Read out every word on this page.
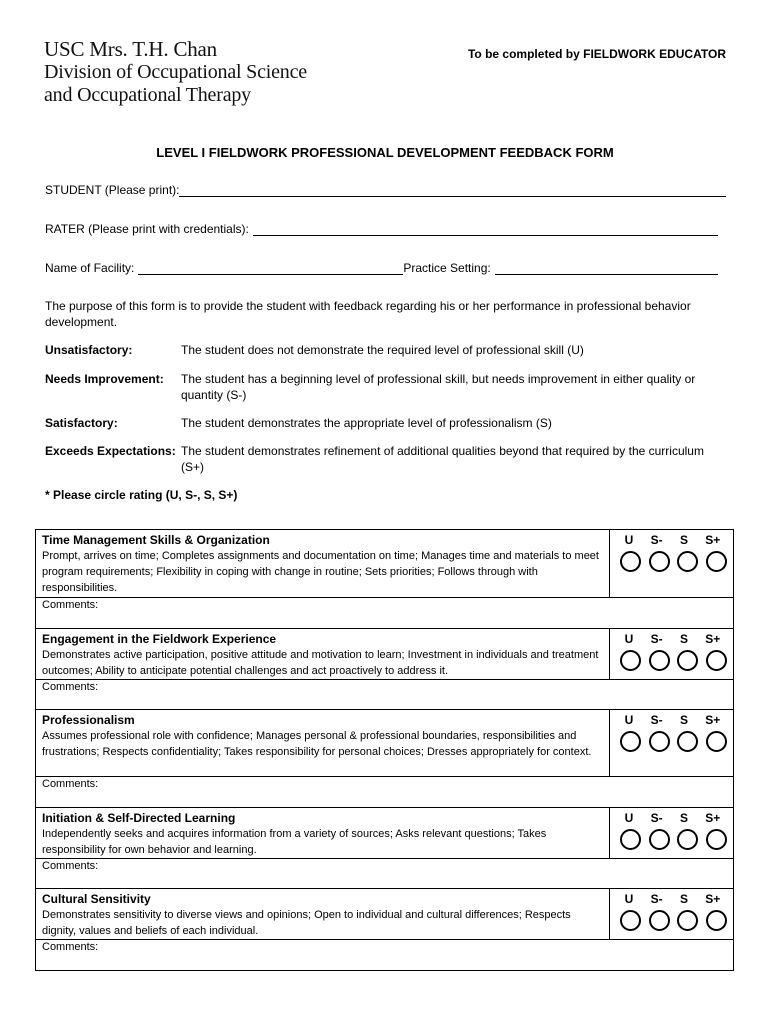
USC Mrs. T.H. Chan
Division of Occupational Science
and Occupational Therapy
To be completed by FIELDWORK EDUCATOR
LEVEL I FIELDWORK PROFESSIONAL DEVELOPMENT FEEDBACK FORM
STUDENT (Please print):
RATER (Please print with credentials):
Name of Facility:	Practice Setting:
The purpose of this form is to provide the student with feedback regarding his or her performance in professional behavior development.
Unsatisfactory:	The student does not demonstrate the required level of professional skill (U)
Needs Improvement:	The student has a beginning level of professional skill, but needs improvement in either quality or quantity (S-)
Satisfactory:	The student demonstrates the appropriate level of professionalism (S)
Exceeds Expectations: The student demonstrates refinement of additional qualities beyond that required by the curriculum (S+)
* Please circle rating (U, S-, S, S+)
Time Management Skills & Organization
Prompt, arrives on time; Completes assignments and documentation on time; Manages time and materials to meet program requirements; Flexibility in coping with change in routine; Sets priorities; Follows through with responsibilities.
U S- S S+
Comments:
Engagement in the Fieldwork Experience
Demonstrates active participation, positive attitude and motivation to learn; Investment in individuals and treatment outcomes; Ability to anticipate potential challenges and act proactively to address it.
U S- S S+
Comments:
Professionalism
Assumes professional role with confidence; Manages personal & professional boundaries, responsibilities and frustrations; Respects confidentiality; Takes responsibility for personal choices; Dresses appropriately for context.
U S- S S+
Comments:
Initiation & Self-Directed Learning
Independently seeks and acquires information from a variety of sources; Asks relevant questions; Takes responsibility for own behavior and learning.
U S- S S+
Comments:
Cultural Sensitivity
Demonstrates sensitivity to diverse views and opinions; Open to individual and cultural differences; Respects dignity, values and beliefs of each individual.
U S- S S+
Comments:
